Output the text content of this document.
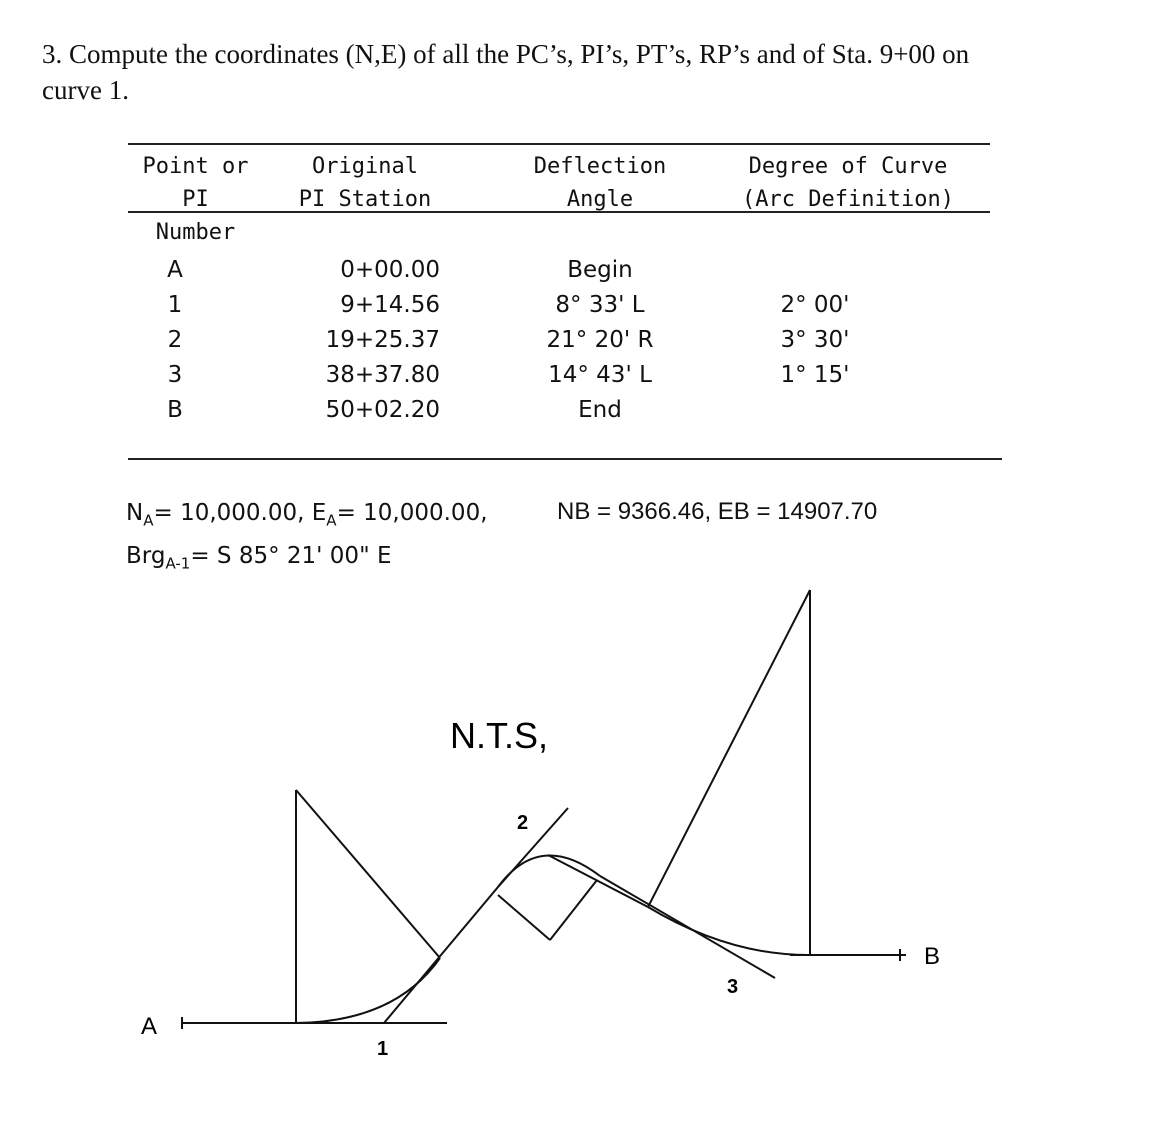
3. Compute the coordinates (N,E) of all the PC’s, PI’s, PT’s, RP’s and of Sta. 9+00 on
curve 1.
Point or PI
Number
Original
PI Station
Deflection
Angle
Degree of Curve
(Arc Definition)
A
1
2
3
B
0+00.00
9+14.56
19+25.37
38+37.80
50+02.20
Begin
8° 33' L
21° 20' R
14° 43' L
End

2° 00'
3° 30'
1° 15'

$N_A= 10,000.00$, $E_A= 10,000.00$,
Brg$_{A-1}$= S 85° 21' 00" E
NB = 9366.46, EB = 14907.70
A
B
1
2
3
N.T.S,
